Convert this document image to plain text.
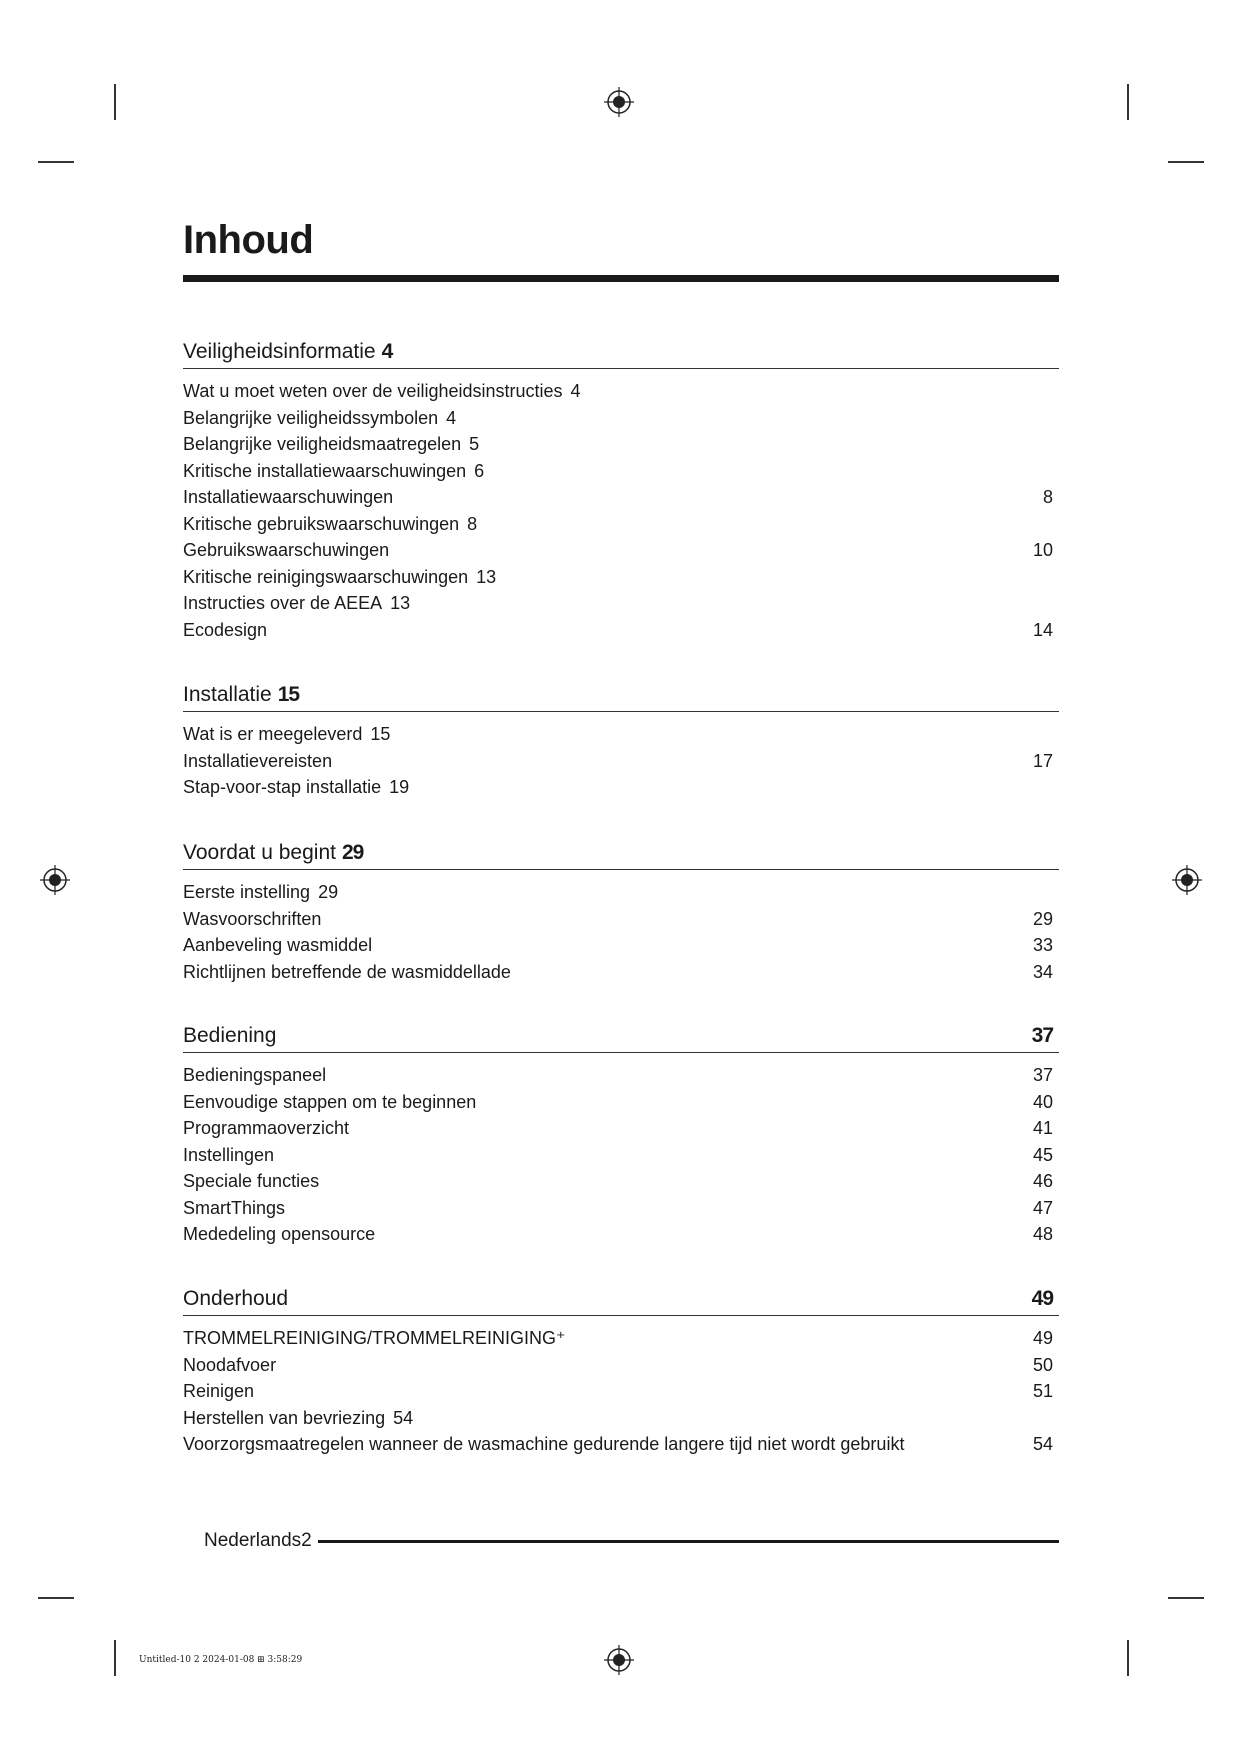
Inhoud
Veiligheidsinformatie 4
Wat u moet weten over de veiligheidsinstructies 4
Belangrijke veiligheidssymbolen 4
Belangrijke veiligheidsmaatregelen 5
Kritische installatiewaarschuwingen 6
Installatiewaarschuwingen	8
Kritische gebruikswaarschuwingen 8
Gebruikswaarschuwingen	10
Kritische reinigingswaarschuwingen 13
Instructies over de AEEA 13
Ecodesign	14
Installatie 15
Wat is er meegeleverd 15
Installatievereisten	17
Stap-voor-stap installatie 19
Voordat u begint 29
Eerste instelling 29
Wasvoorschriften	29
Aanbeveling wasmiddel	33
Richtlijnen betreffende de wasmiddellade	34
Bediening	37
Bedieningspaneel	37
Eenvoudige stappen om te beginnen	40
Programmaoverzicht	41
Instellingen	45
Speciale functies	46
SmartThings	47
Mededeling opensource	48
Onderhoud	49
TROMMELREINIGING/TROMMELREINIGING⁺	49
Noodafvoer	50
Reinigen	51
Herstellen van bevriezing 54
Voorzorgsmaatregelen wanneer de wasmachine gedurende langere tijd niet wordt gebruikt	54
Nederlands2
Untitled-10 2 2024-01-08 ⊞ 3:58:29
